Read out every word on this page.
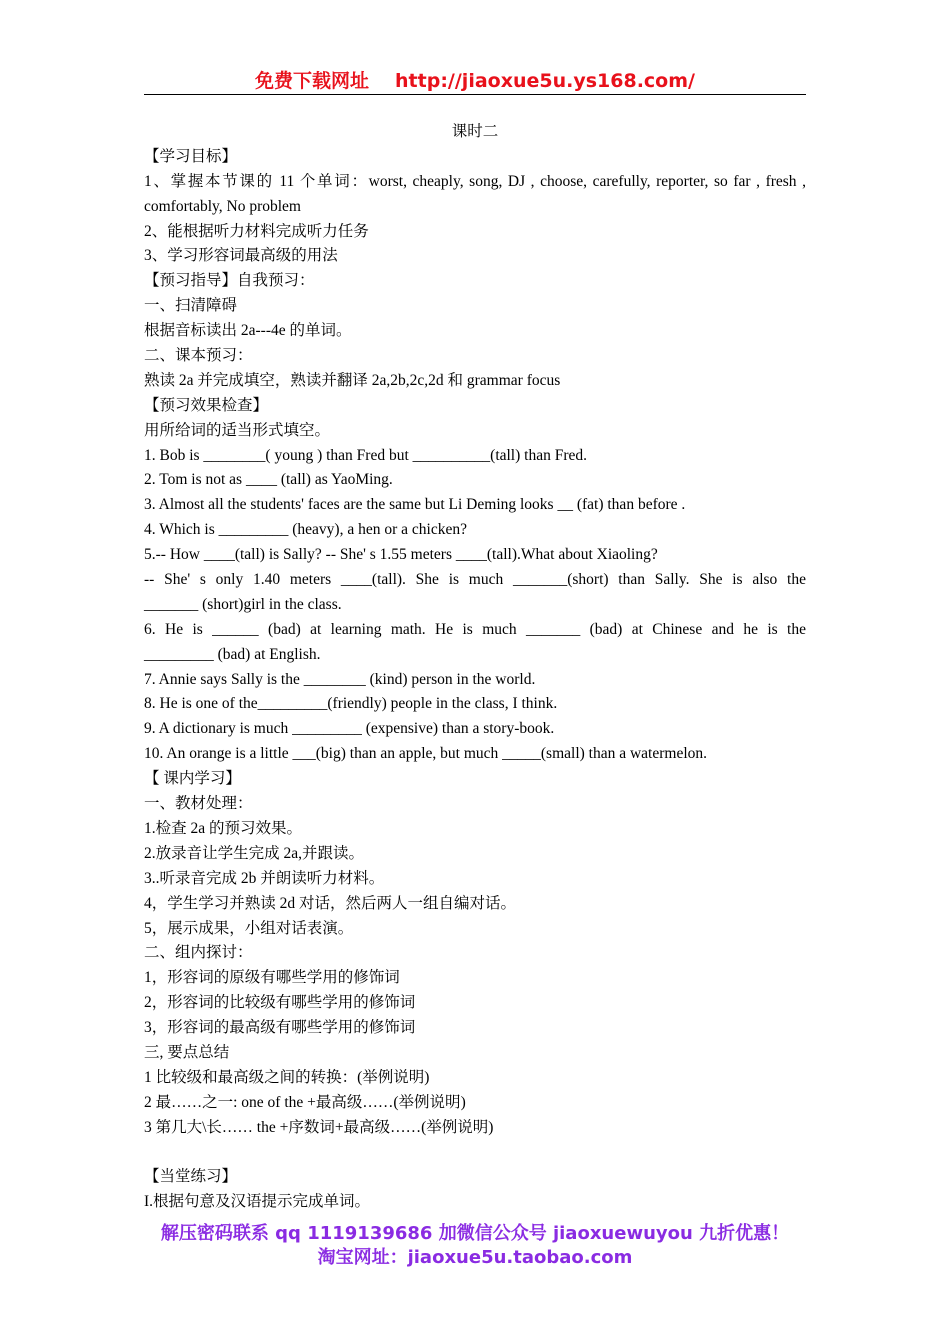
免费下载网址 http://jiaoxue5u.ys168.com/
课时二
【学习目标】
1、掌握本节课的 11 个单词：worst, cheaply, song, DJ , choose, carefully, reporter, so far , fresh ,
comfortably, No problem
2、能根据听力材料完成听力任务
3、学习形容词最高级的用法
【预习指导】自我预习：
一、扫清障碍
根据音标读出 2a---4e 的单词。
二、课本预习：
熟读 2a 并完成填空，熟读并翻译 2a,2b,2c,2d 和 grammar focus
【预习效果检查】
用所给词的适当形式填空。
1. Bob is ________( young ) than Fred but __________(tall) than Fred.
2. Tom is not as ____ (tall) as YaoMing.
3. Almost all the students' faces are the same but Li Deming looks __ (fat) than before .
4. Which is _________ (heavy), a hen or a chicken?
5.-- How ____(tall) is Sally? -- She' s 1.55 meters ____(tall).What about Xiaoling?
-- She' s only 1.40 meters ____(tall). She is much _______(short) than Sally. She is also the
_______ (short)girl in the class.
6. He is ______ (bad) at learning math. He is much _______ (bad) at Chinese and he is the
_________ (bad) at English.
7. Annie says Sally is the ________ (kind) person in the world.
8. He is one of the_________(friendly) people in the class, I think.
9. A dictionary is much _________ (expensive) than a story-book.
10. An orange is a little ___(big) than an apple, but much _____(small) than a watermelon.
【 课内学习】
一、教材处理：
1.检查 2a 的预习效果。
2.放录音让学生完成 2a,并跟读。
3..听录音完成 2b 并朗读听力材料。
4，学生学习并熟读 2d 对话，然后两人一组自编对话。
5，展示成果，小组对话表演。
二、组内探讨：
1，形容词的原级有哪些学用的修饰词
2，形容词的比较级有哪些学用的修饰词
3，形容词的最高级有哪些学用的修饰词
三, 要点总结
1 比较级和最高级之间的转换：(举例说明)
2 最……之一: one of the +最高级……(举例说明)
3 第几大\长…… the +序数词+最高级……(举例说明)
【当堂练习】
I.根据句意及汉语提示完成单词。
解压密码联系 qq 1119139686 加微信公众号 jiaoxuewuyou 九折优惠！
淘宝网址：jiaoxue5u.taobao.com
